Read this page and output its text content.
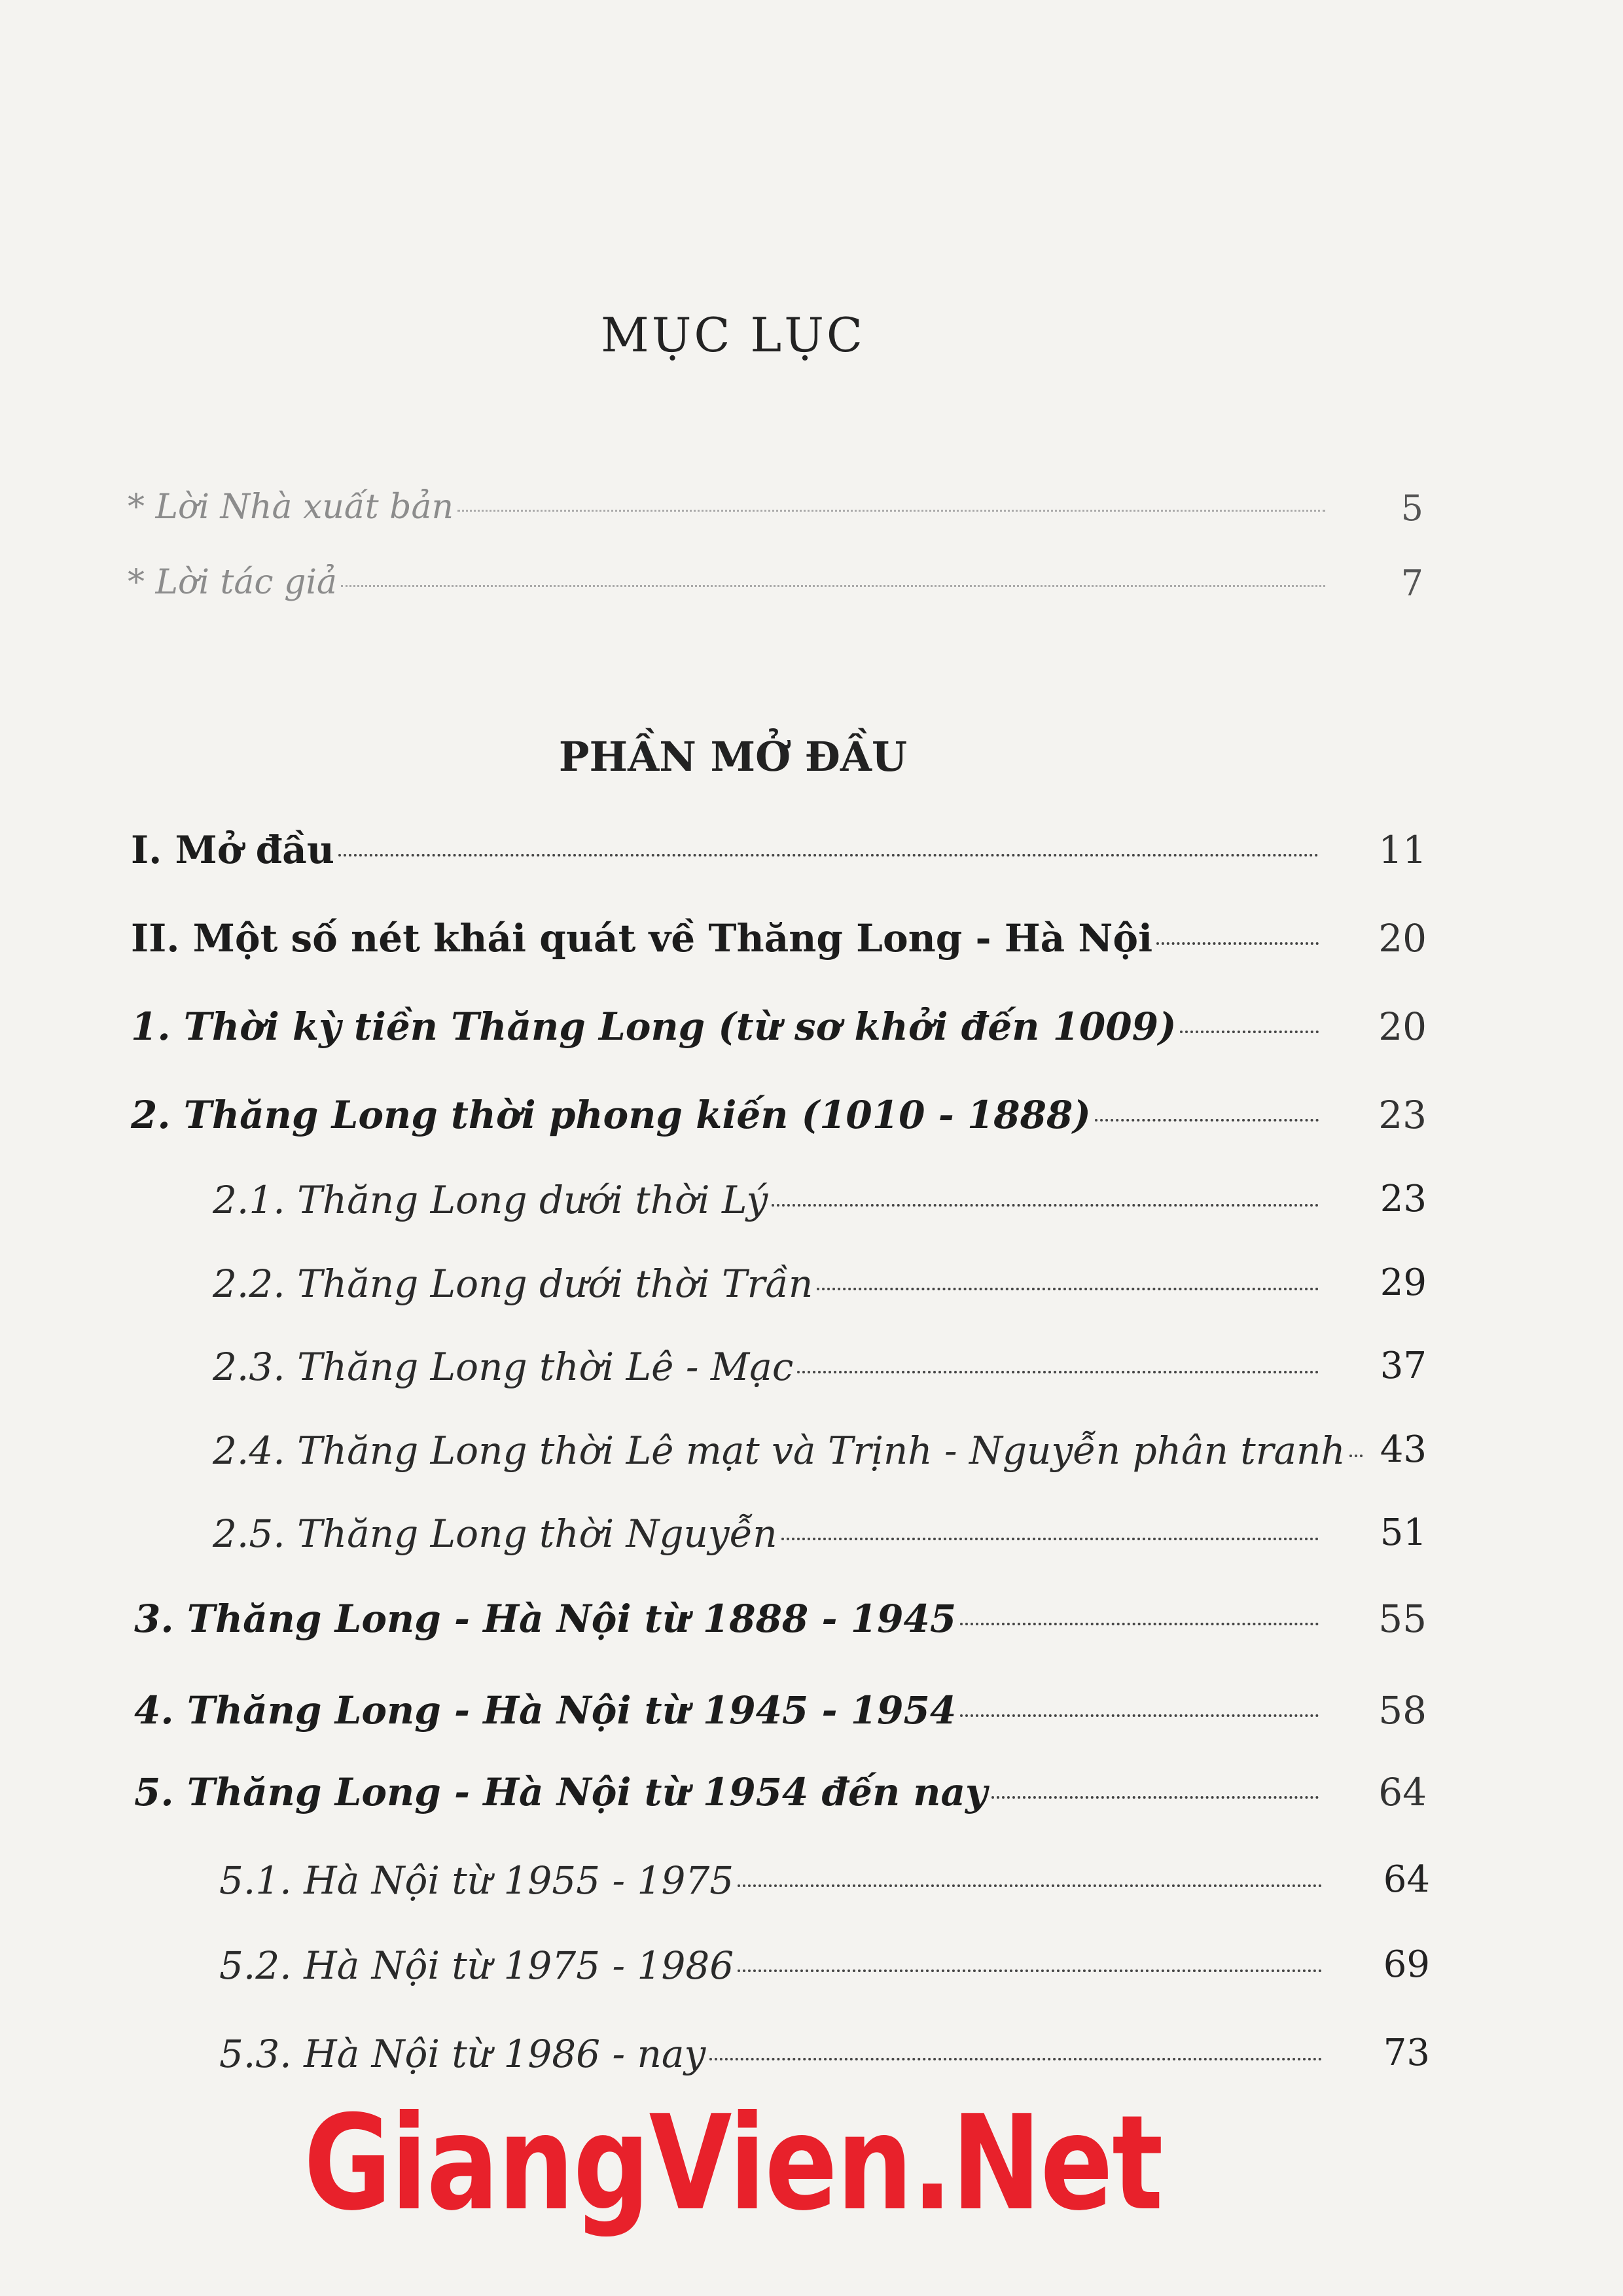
MỤC LỤC
* Lời Nhà xuất bản	5
* Lời tác giả	7
PHẦN MỞ ĐẦU
I. Mở đầu	11
II. Một số nét khái quát về Thăng Long - Hà Nội	20
1. Thời kỳ tiền Thăng Long (từ sơ khởi đến 1009)	20
2. Thăng Long thời phong kiến (1010 - 1888)	23
2.1. Thăng Long dưới thời Lý	23
2.2. Thăng Long dưới thời Trần	29
2.3. Thăng Long thời Lê - Mạc	37
2.4. Thăng Long thời Lê mạt và Trịnh - Nguyễn phân tranh 43
2.5. Thăng Long thời Nguyễn	51
3. Thăng Long - Hà Nội từ 1888 - 1945	55
4. Thăng Long - Hà Nội từ 1945 - 1954	58
5. Thăng Long - Hà Nội từ 1954 đến nay	64
5.1. Hà Nội từ 1955 - 1975	64
5.2. Hà Nội từ 1975 - 1986	69
5.3. Hà Nội từ 1986 - nay	73
GiangVien.Net
